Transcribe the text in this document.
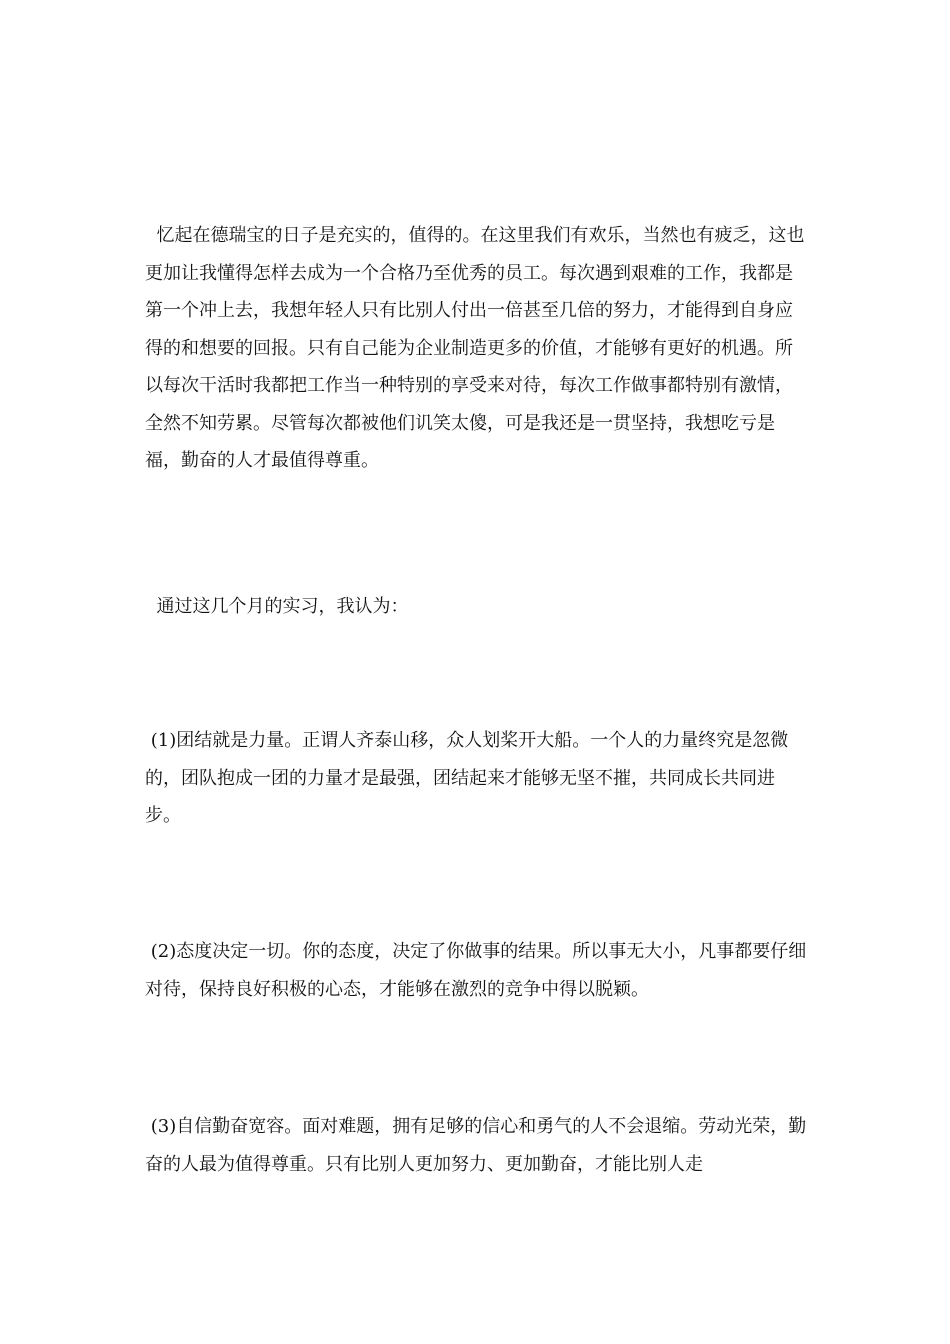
忆起在德瑞宝的日子是充实的，值得的。在这里我们有欢乐，当然也有疲乏，这也更加让我懂得怎样去成为一个合格乃至优秀的员工。每次遇到艰难的工作，我都是第一个冲上去，我想年轻人只有比别人付出一倍甚至几倍的努力，才能得到自身应得的和想要的回报。只有自己能为企业制造更多的价值，才能够有更好的机遇。所以每次干活时我都把工作当一种特别的享受来对待，每次工作做事都特别有激情，全然不知劳累。尽管每次都被他们讥笑太傻，可是我还是一贯坚持，我想吃亏是福，勤奋的人才最值得尊重。

通过这几个月的实习，我认为：

(1)团结就是力量。正谓人齐泰山移，众人划桨开大船。一个人的力量终究是忽微的，团队抱成一团的力量才是最强，团结起来才能够无坚不摧，共同成长共同进步。

(2)态度决定一切。你的态度，决定了你做事的结果。所以事无大小，凡事都要仔细对待，保持良好积极的心态，才能够在激烈的竞争中得以脱颖。

(3)自信勤奋宽容。面对难题，拥有足够的信心和勇气的人不会退缩。劳动光荣，勤奋的人最为值得尊重。只有比别人更加努力、更加勤奋，才能比别人走
